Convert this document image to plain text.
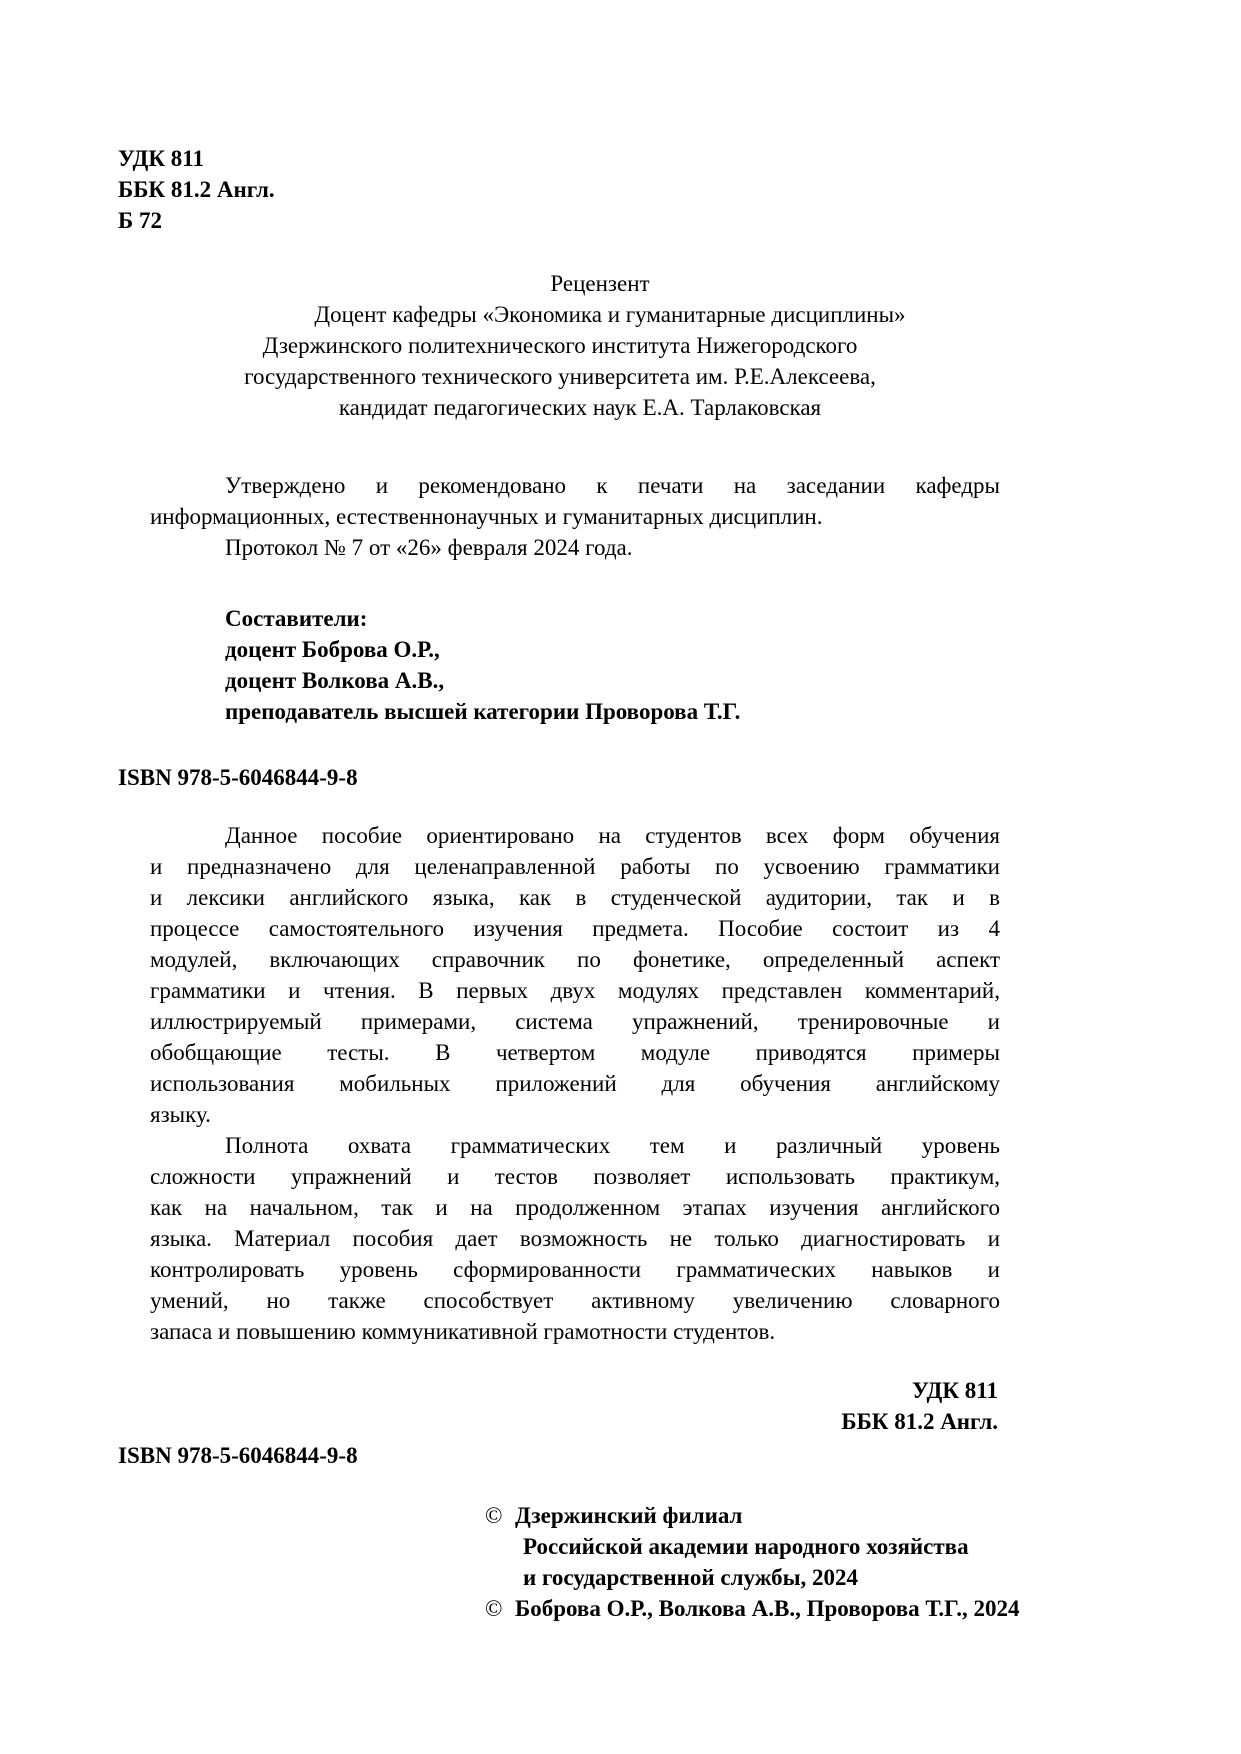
УДК 811
ББК 81.2 Англ.
Б 72
Рецензент
Доцент кафедры «Экономика и гуманитарные дисциплины»
Дзержинского политехнического института Нижегородского
государственного технического университета им. Р.Е.Алексеева,
кандидат педагогических наук Е.А. Тарлаковская
Утверждено и рекомендовано к печати на заседании кафедры
информационных, естественнонаучных и гуманитарных дисциплин.
Протокол № 7 от «26» февраля 2024 года.
Составители:
доцент Боброва О.Р.,
доцент Волкова А.В.,
преподаватель высшей категории Проворова Т.Г.
ISBN 978-5-6046844-9-8
Данное пособие ориентировано на студентов всех форм обучения
и предназначено для целенаправленной работы по усвоению грамматики
и лексики английского языка, как в студенческой аудитории, так и в
процессе самостоятельного изучения предмета. Пособие состоит из 4
модулей, включающих справочник по фонетике, определенный аспект
грамматики и чтения. В первых двух модулях представлен комментарий,
иллюстрируемый примерами, система упражнений, тренировочные и
обобщающие тесты. В четвертом модуле приводятся примеры
использования мобильных приложений для обучения английскому
языку.
Полнота охвата грамматических тем и различный уровень
сложности упражнений и тестов позволяет использовать практикум,
как на начальном, так и на продолженном этапах изучения английского
языка. Материал пособия дает возможность не только диагностировать и
контролировать уровень сформированности грамматических навыков и
умений, но также способствует активному увеличению словарного
запаса и повышению коммуникативной грамотности студентов.
УДК 811
ББК 81.2 Англ.
ISBN 978-5-6046844-9-8
© Дзержинский филиал
Российской академии народного хозяйства
и государственной службы, 2024
© Боброва О.Р., Волкова А.В., Проворова Т.Г., 2024
